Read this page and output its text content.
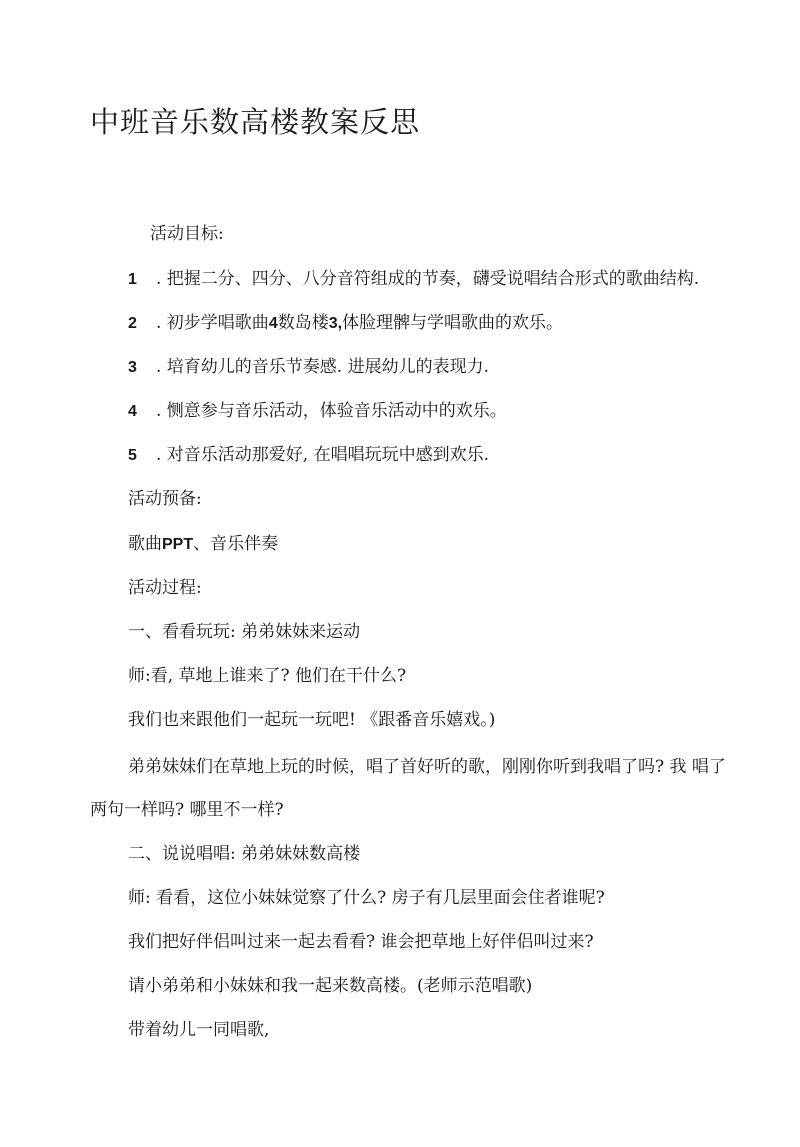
中班音乐数高楼教案反思
活动目标:
1 . 把握二分、四分、八分音符组成的节奏，礴受说唱结合形式的歌曲结构.
2 . 初步学唱歌曲4数岛楼3,体脸理髀与学唱歌曲的欢乐。
3 . 培育幼儿的音乐节奏感. 进展幼儿的表现力.
4 . 恻意参与音乐活动，体验音乐活动中的欢乐。
5 . 对音乐活动那爱好, 在唱唱玩玩中感到欢乐.
活动预备:
歌曲PPT、音乐伴奏
活动过程:
一、看看玩玩: 弟弟妹妹来运动
师:看, 草地上谁来了? 他们在干什么?
我们也来跟他们一起玩一玩吧! 《跟番音乐嬉戏。)
弟弟妹妹们在草地上玩的时候，唱了首好听的歌，刚刚你听到我唱了吗? 我 唱了
两句一样吗? 哪里不一样?
二、说说唱唱: 弟弟妹妹数高楼
师: 看看，这位小妹妹觉察了什么? 房子有几层里面会住者谁呢?
我们把好伴侣叫过来一起去看看? 谁会把草地上好伴侣叫过来?
请小弟弟和小妹妹和我一起来数高楼。(老师示范唱歌)
带着幼儿一同唱歌,
